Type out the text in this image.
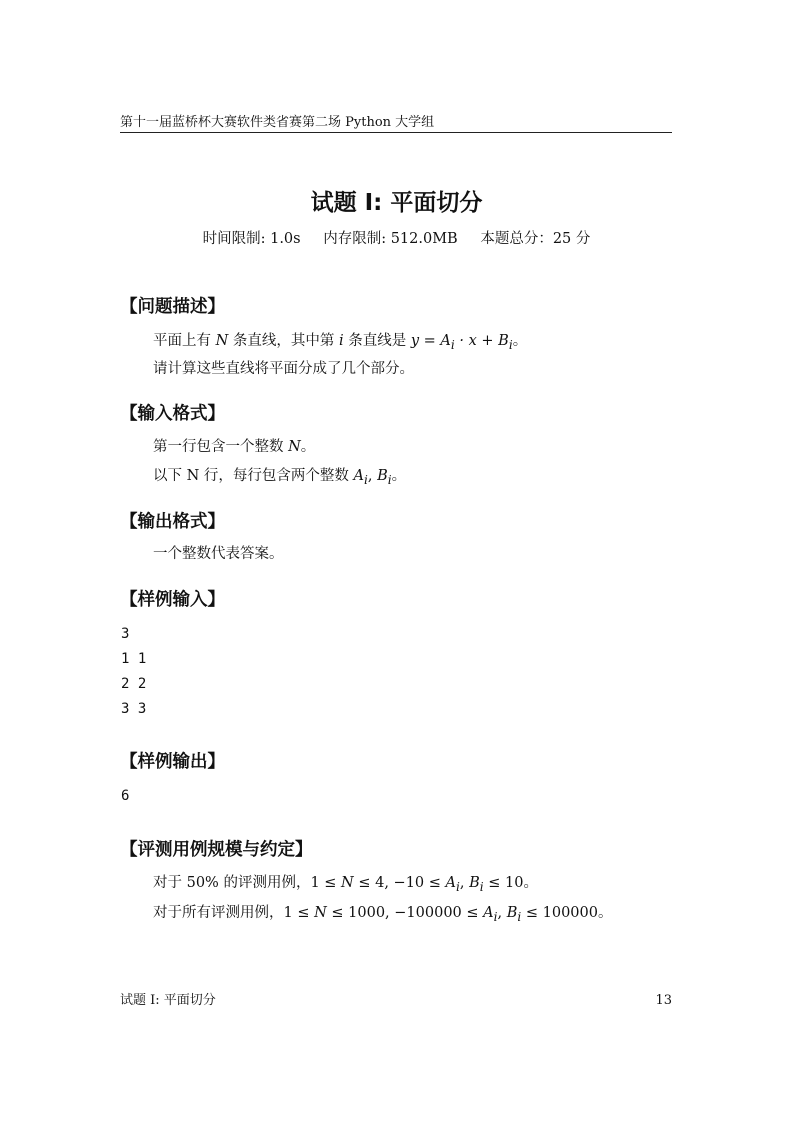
第十一届蓝桥杯大赛软件类省赛第二场 Python 大学组
试题 I: 平面切分
时间限制: 1.0s 内存限制: 512.0MB 本题总分：25 分
【问题描述】
平面上有 N 条直线，其中第 i 条直线是 $y = A_i \cdot x + B_i$。
请计算这些直线将平面分成了几个部分。
【输入格式】
第一行包含一个整数 N。
以下 N 行，每行包含两个整数 $A_i$, $B_i$。
【输出格式】
一个整数代表答案。
【样例输入】
3
1 1
2 2
3 3
【样例输出】
6
【评测用例规模与约定】
对于 50% 的评测用例，1 ≤ N ≤ 4, $-10 \le A_i$, $B_i \le 10$。
对于所有评测用例，1 ≤ N ≤ 1000, $-100000 \le A_i$, $B_i \le 100000$。
试题 I: 平面切分	13
